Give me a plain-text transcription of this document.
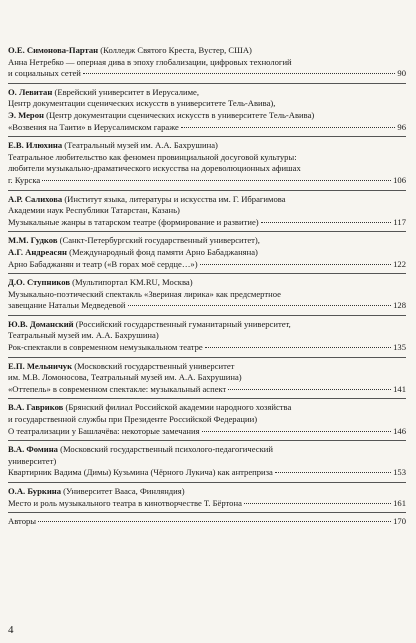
О.Е. Симонова-Партан (Колледж Святого Креста, Вустер, США)
Анна Нетребко — оперная дива в эпоху глобализации, цифровых технологий
и социальных сетей	90
О. Левитан (Еврейский университет в Иерусалиме,
Центр документации сценических искусств в университете Тель-Авива),
Э. Мерон (Центр документации сценических искусств в университете Тель-Авива)
«Возвения на Таити» в Иерусалимском гараже	96
Е.В. Илюхина (Театральный музей им. А.А. Бахрушина)
Театральное любительство как феномен провинциальной досуговой культуры:
любители музыкально-драматического искусства на дореволюционных афишах
г. Курска	106
А.Р. Салихова (Институт языка, литературы и искусства им. Г. Ибрагимова
Академии наук Республики Татарстан, Казань)
Музыкальные жанры в татарском театре (формирование и развитие)	117
М.М. Гудков (Санкт-Петербургский государственный университет),
А.Г. Андреасян (Международный фонд памяти Арно Бабаджаняна)
Арно Бабаджанян и театр («В горах моё сердце…»)	122
Д.О. Ступников (Мультипортал KM.RU, Москва)
Музыкально-поэтический спектакль «Звериная лирика» как предсмертное
завещание Натальи Медведевой	128
Ю.В. Доманский (Российский государственный гуманитарный университет,
Театральный музей им. А.А. Бахрушина)
Рок-спектакли в современном немузыкальном театре	135
Е.П. Мельничук (Московский государственный университет
им. М.В. Ломоносова, Театральный музей им. А.А. Бахрушина)
«Оттепель» в современном спектакле: музыкальный аспект	141
В.А. Гавриков (Брянский филиал Российской академии народного хозяйства
и государственной службы при Президенте Российской Федерации)
О театрализации у Башлачёва: некоторые замечания	146
В.А. Фомина (Московский государственный психолого-педагогический
университет)
Квартирник Вадима (Димы) Кузьмина (Чёрного Лукича) как антреприза	153
О.А. Буркина (Университет Вааса, Финляндия)
Место и роль музыкального театра в кинотворчестве Т. Бёртона	161
Авторы	170
4
